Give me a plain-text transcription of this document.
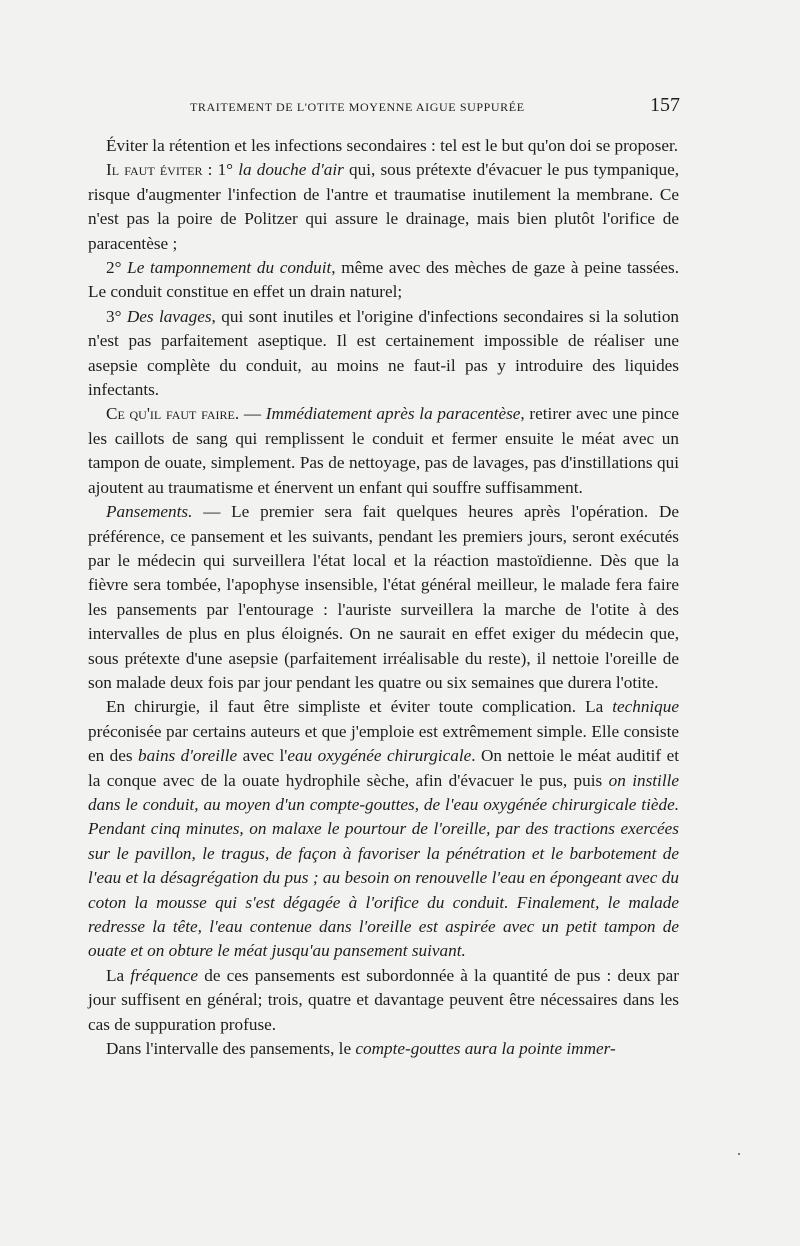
TRAITEMENT DE L'OTITE MOYENNE AIGUE SUPPURÉE	157

Éviter la rétention et les infections secondaires : tel est le but qu'on doi se proposer.

Il faut éviter : 1° la douche d'air qui, sous prétexte d'évacuer le pus tympanique, risque d'augmenter l'infection de l'antre et traumatise inutilement la membrane. Ce n'est pas la poire de Politzer qui assure le drainage, mais bien plutôt l'orifice de paracentèse ;

2° Le tamponnement du conduit, même avec des mèches de gaze à peine tassées. Le conduit constitue en effet un drain naturel;

3° Des lavages, qui sont inutiles et l'origine d'infections secondaires si la solution n'est pas parfaitement aseptique. Il est certainement impossible de réaliser une asepsie complète du conduit, au moins ne faut-il pas y introduire des liquides infectants.

Ce qu'il faut faire. — Immédiatement après la paracentèse, retirer avec une pince les caillots de sang qui remplissent le conduit et fermer ensuite le méat avec un tampon de ouate, simplement. Pas de nettoyage, pas de lavages, pas d'instillations qui ajoutent au traumatisme et énervent un enfant qui souffre suffisamment.

Pansements. — Le premier sera fait quelques heures après l'opération. De préférence, ce pansement et les suivants, pendant les premiers jours, seront exécutés par le médecin qui surveillera l'état local et la réaction mastoïdienne. Dès que la fièvre sera tombée, l'apophyse insensible, l'état général meilleur, le malade fera faire les pansements par l'entourage : l'auriste surveillera la marche de l'otite à des intervalles de plus en plus éloignés. On ne saurait en effet exiger du médecin que, sous prétexte d'une asepsie (parfaitement irréalisable du reste), il nettoie l'oreille de son malade deux fois par jour pendant les quatre ou six semaines que durera l'otite.

En chirurgie, il faut être simpliste et éviter toute complication. La technique préconisée par certains auteurs et que j'emploie est extrêmement simple. Elle consiste en des bains d'oreille avec l'eau oxygénée chirurgicale. On nettoie le méat auditif et la conque avec de la ouate hydrophile sèche, afin d'évacuer le pus, puis on instille dans le conduit, au moyen d'un compte-gouttes, de l'eau oxygénée chirurgicale tiède. Pendant cinq minutes, on malaxe le pourtour de l'oreille, par des tractions exercées sur le pavillon, le tragus, de façon à favoriser la pénétration et le barbotement de l'eau et la désagrégation du pus ; au besoin on renouvelle l'eau en épongeant avec du coton la mousse qui s'est dégagée à l'orifice du conduit. Finalement, le malade redresse la tête, l'eau contenue dans l'oreille est aspirée avec un petit tampon de ouate et on obture le méat jusqu'au pansement suivant.

La fréquence de ces pansements est subordonnée à la quantité de pus : deux par jour suffisent en général; trois, quatre et davantage peuvent être nécessaires dans les cas de suppuration profuse.

Dans l'intervalle des pansements, le compte-gouttes aura la pointe immer-
